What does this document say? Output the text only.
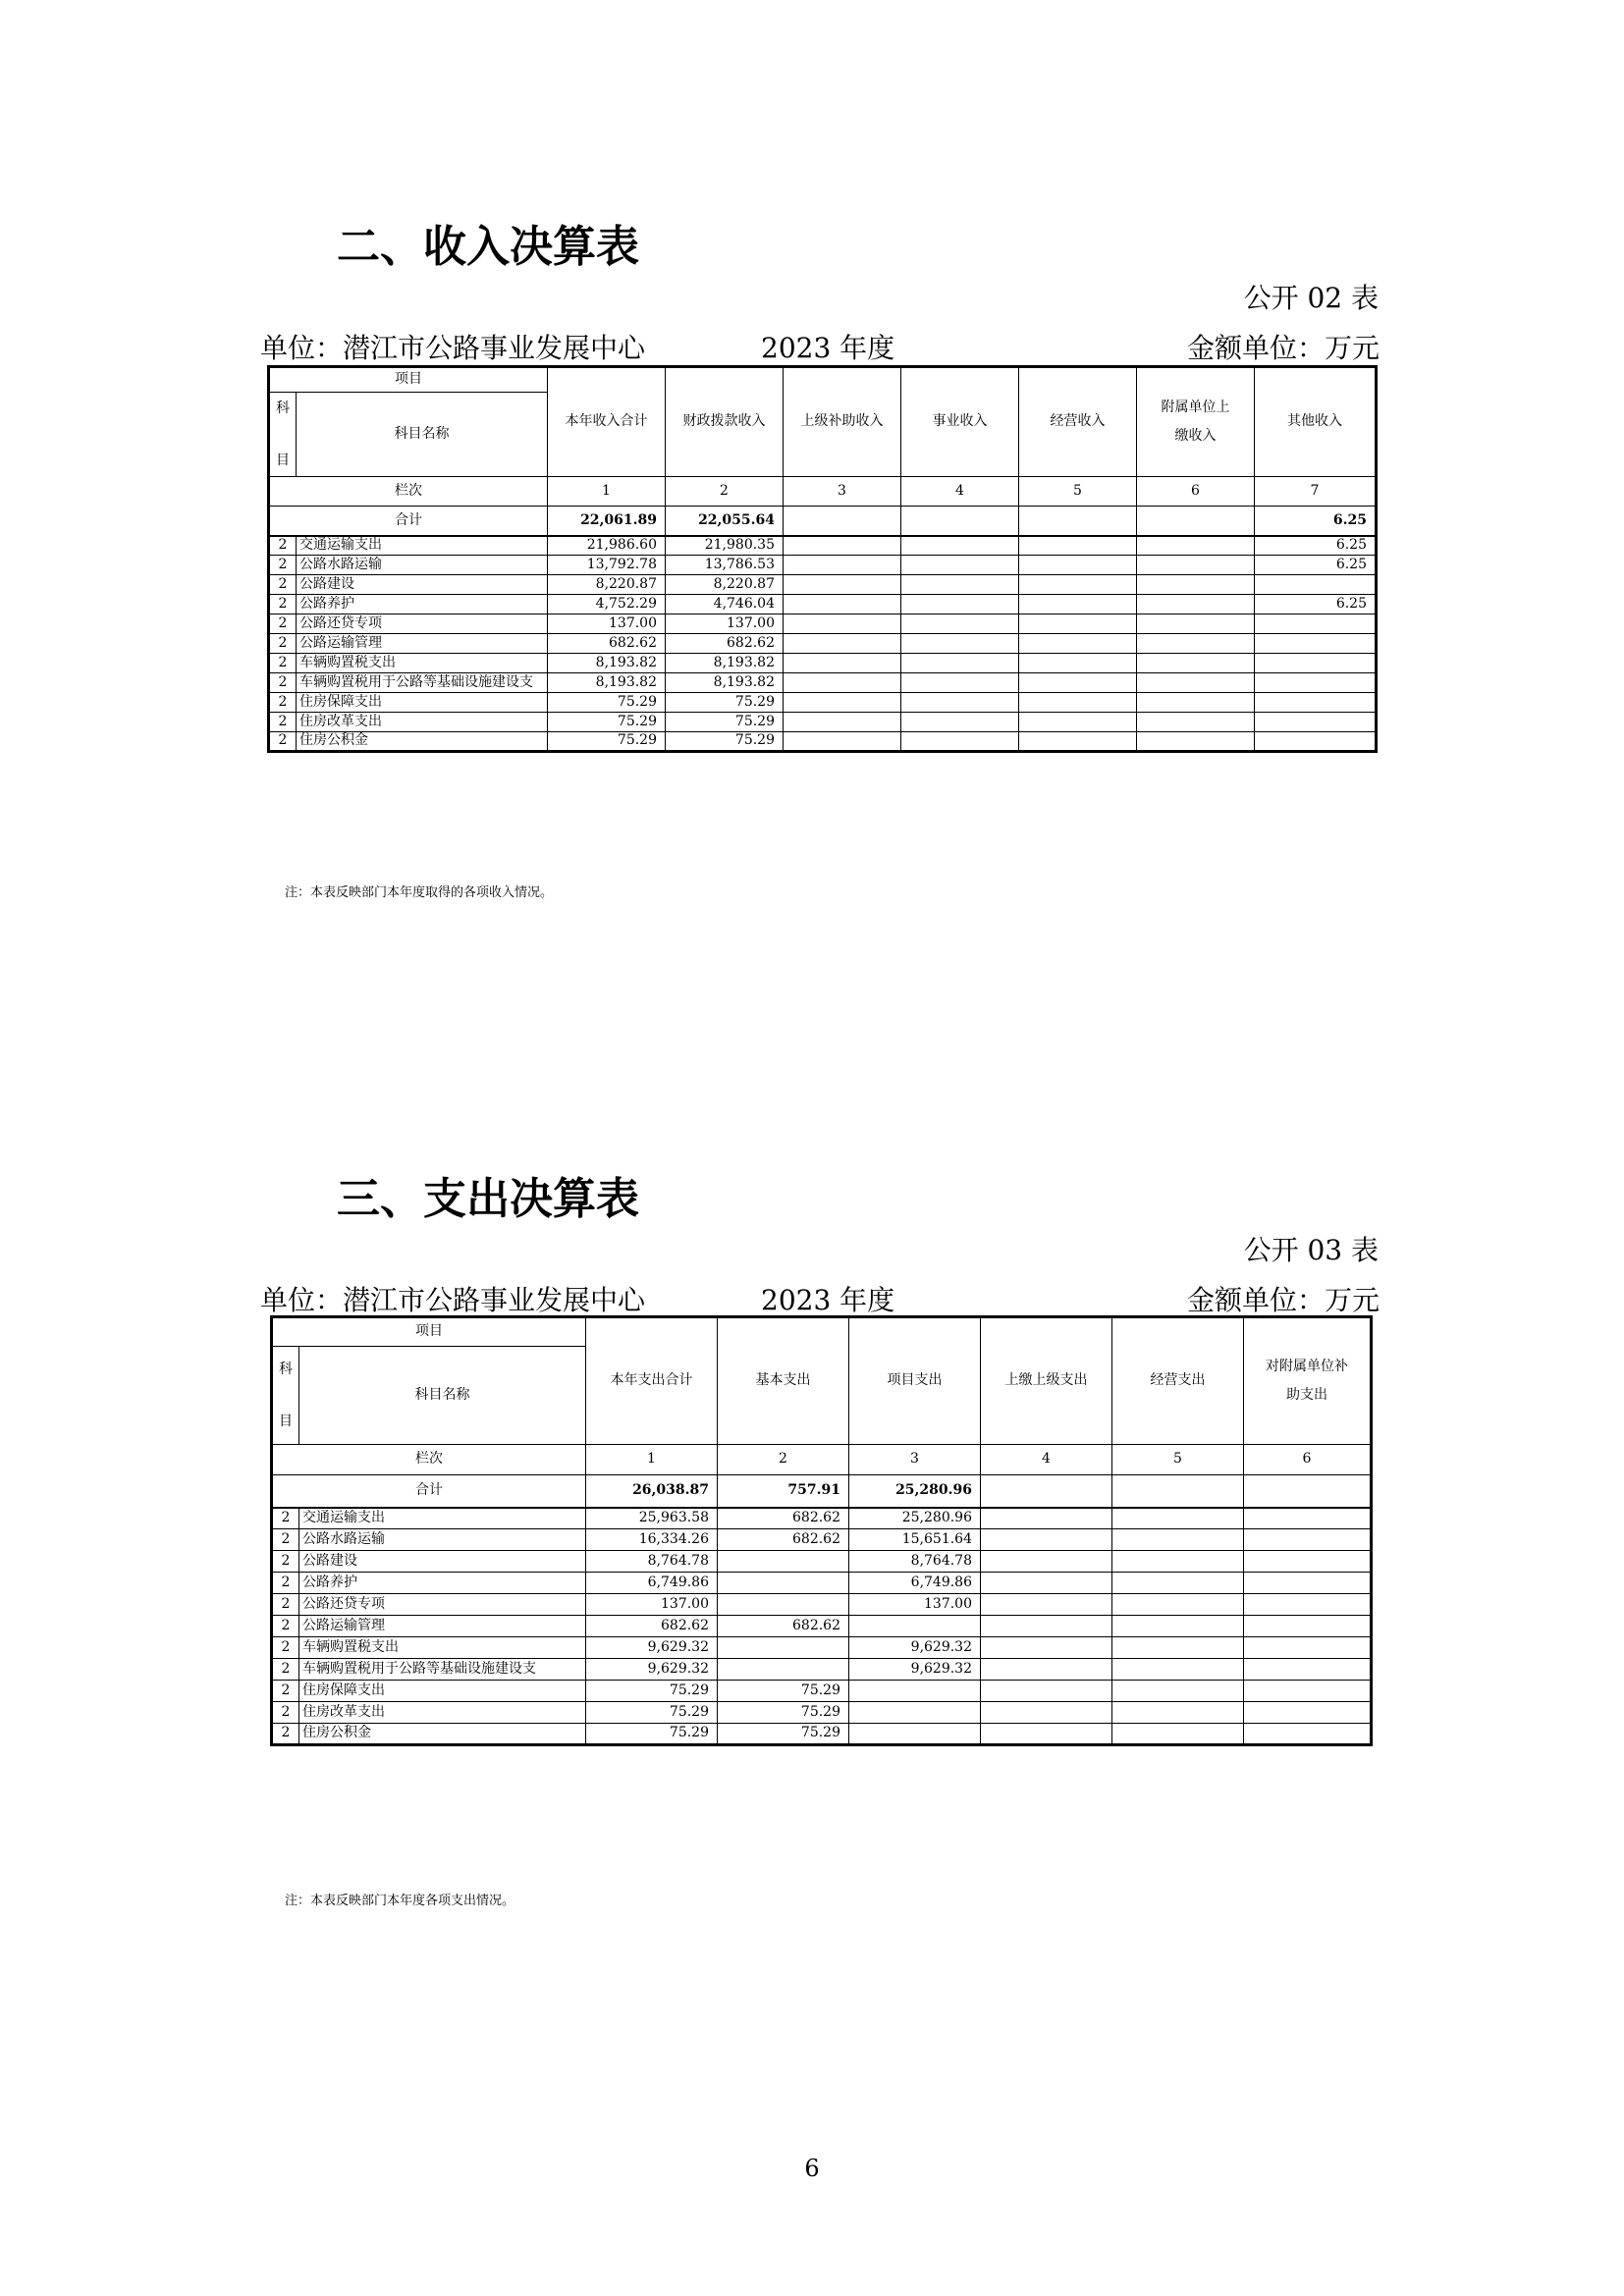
二、收入决算表
公开 02 表
单位：潜江市公路事业发展中心	2023 年度	金额单位：万元
项目		本年收入合计	财政拨款收入	上级补助收入	事业收入	经营收入	附属单位上缴收入	其他收入
科

目	科目名称							
栏次		1	2	3	4	5	6	7
合计		22,061.89	22,055.64					6.25
2	交通运输支出	21,986.60	21,980.35					6.25
2	公路水路运输	13,792.78	13,786.53					6.25
2	公路建设	8,220.87	8,220.87					
2	公路养护	4,752.29	4,746.04					6.25
2	公路还贷专项	137.00	137.00					
2	公路运输管理	682.62	682.62					
2	车辆购置税支出	8,193.82	8,193.82					
2	车辆购置税用于公路等基础设施建设支	8,193.82	8,193.82					
2	住房保障支出	75.29	75.29					
2	住房改革支出	75.29	75.29					
2	住房公积金	75.29	75.29					
注：本表反映部门本年度取得的各项收入情况。
三、支出决算表
公开 03 表
单位：潜江市公路事业发展中心	2023 年度	金额单位：万元
项目		本年支出合计	基本支出	项目支出	上缴上级支出	经营支出	对附属单位补助支出
科

目	科目名称						
栏次		1	2	3	4	5	6
合计		26,038.87	757.91	25,280.96			
2	交通运输支出	25,963.58	682.62	25,280.96			
2	公路水路运输	16,334.26	682.62	15,651.64			
2	公路建设	8,764.78		8,764.78			
2	公路养护	6,749.86		6,749.86			
2	公路还贷专项	137.00		137.00			
2	公路运输管理	682.62	682.62				
2	车辆购置税支出	9,629.32		9,629.32			
2	车辆购置税用于公路等基础设施建设支	9,629.32		9,629.32			
2	住房保障支出	75.29	75.29				
2	住房改革支出	75.29	75.29				
2	住房公积金	75.29	75.29				
注：本表反映部门本年度各项支出情况。
6
